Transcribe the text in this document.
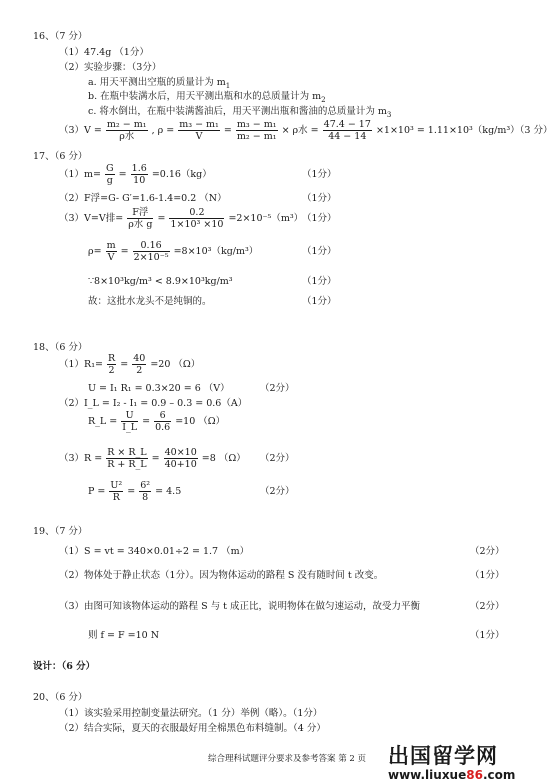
16、（7 分）
（1）47.4g （1分）
（2）实验步骤：（3分）
a. 用天平测出空瓶的质量计为 $m_1$
b. 在瓶中装满水后，用天平测出瓶和水的总质量计为 $m_2$
c. 将水倒出，在瓶中装满酱油后，用天平测出瓶和酱油的总质量计为 $m_3$
$(3)V = \frac{\text{m₂ − m₁}}{\text{ρ水}}$ , $\rho = \frac{\text{m₃ − m₁}}{V} = \frac{\text{m₃ − m₁}}{\text{m₂ − m₁}} \times \rho$水 = $\frac{47.4 - 17}{44 - 14} \times 1\times 10^3 = 1.11\times 10^3(kg/m^3)(3$ 分）
17、（6 分）
$(1)m= \frac{G}{g} = \frac{1.6}{10} =0.16(kg)$	（1分）
（2）F浮=G- G′=1.6-1.4=0.2 （N）	（1分）
（3）V=V排= $\frac{\text{F浮}}{\text{ρ水 g}} = \frac{0.2}{\text{1×10³ ×10}} =2\times 10^{-5}(m^3)$
（1分）
$\rho= \frac{m}{V} = \frac{0.16}{\text{2×10⁻⁵}} =8\times 10^3(kg/m^3)$	（1分）
∵8×10³kg/m³ < 8.9×10³kg/m³	（1分）
故：这批水龙头不是纯铜的。	（1分）
18、（6 分）
$(1)R_1= \frac{R}{2} = \frac{40}{2} =20$ （Ω）
U = I₁ R₁ = 0.3×20 = 6 （V）	（2分）
（2）I_L = I₂ - I₁ = 0.9 – 0.3 = 0.6（A）
R_L = $\frac{U}{I\_L} = \frac{6}{0.6} =10$ （Ω）
$(3)R = \frac{R \times R\_L}{R + R\_L} = \frac{40\times 10}{40+10} =8$ （Ω） （2分）
$P = \frac{\text{U²}}{R} = \frac{\text{6²}}{8} = 4.5$	（2分）
19、（7 分）
（1）S = vt = 340×0.01÷2 = 1.7 （m）	（2分）
（2）物体处于静止状态（1分）。因为物体运动的路程 S 没有随时间 t 改变。	（1分）
（3）由图可知该物体运动的路程 S 与 t 成正比，说明物体在做匀速运动，故受力平衡	（2分）
则 f = F =10 N	（1分）
设计：（6 分）
20、（6 分）
（1）该实验采用控制变量法研究。（1 分）举例（略）。（1分）
（2）结合实际，夏天的衣服最好用全棉黑色布料缝制。（4 分）
综合理科试题评分要求及参考答案 第 2 页 出国留学网
www.liuxue86.com
